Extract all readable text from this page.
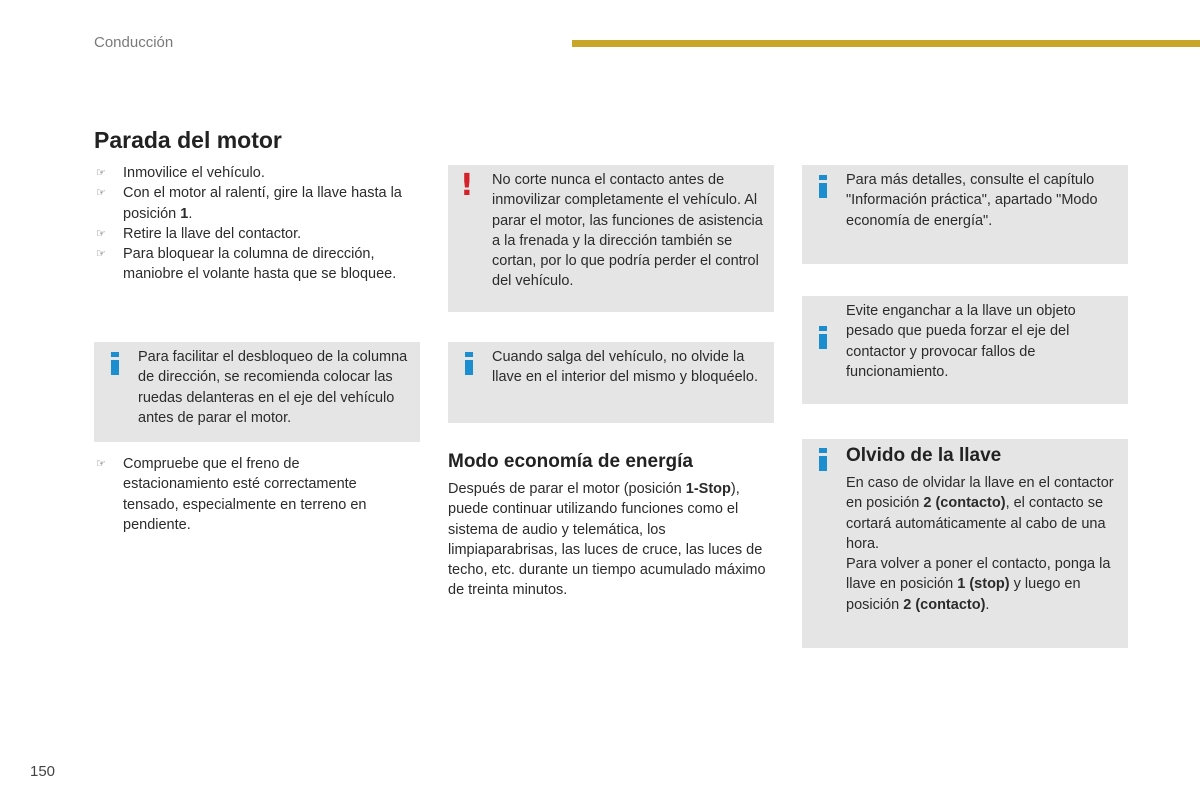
Conducción
Parada del motor
☞ Inmovilice el vehículo.
☞ Con el motor al ralentí, gire la llave hasta la posición 1.
☞ Retire la llave del contactor.
☞ Para bloquear la columna de dirección, maniobre el volante hasta que se bloquee.
Para facilitar el desbloqueo de la columna de dirección, se recomienda colocar las ruedas delanteras en el eje del vehículo antes de parar el motor.
☞ Compruebe que el freno de estacionamiento esté correctamente tensado, especialmente en terreno en pendiente.
! No corte nunca el contacto antes de inmovilizar completamente el vehículo. Al parar el motor, las funciones de asistencia a la frenada y la dirección también se cortan, por lo que podría perder el control del vehículo.
Cuando salga del vehículo, no olvide la llave en el interior del mismo y bloquéelo.
Modo economía de energía

Después de parar el motor (posición 1-Stop), puede continuar utilizando funciones como el sistema de audio y telemática, los limpiaparabrisas, las luces de cruce, las luces de techo, etc. durante un tiempo acumulado máximo de treinta minutos.

Para más detalles, consulte el capítulo "Información práctica", apartado "Modo economía de energía".
Evite enganchar a la llave un objeto pesado que pueda forzar el eje del contactor y provocar fallos de funcionamiento.
Olvido de la llave
En caso de olvidar la llave en el contactor en posición 2 (contacto), el contacto se cortará automáticamente al cabo de una hora.
Para volver a poner el contacto, ponga la llave en posición 1 (stop) y luego en posición 2 (contacto).
150
